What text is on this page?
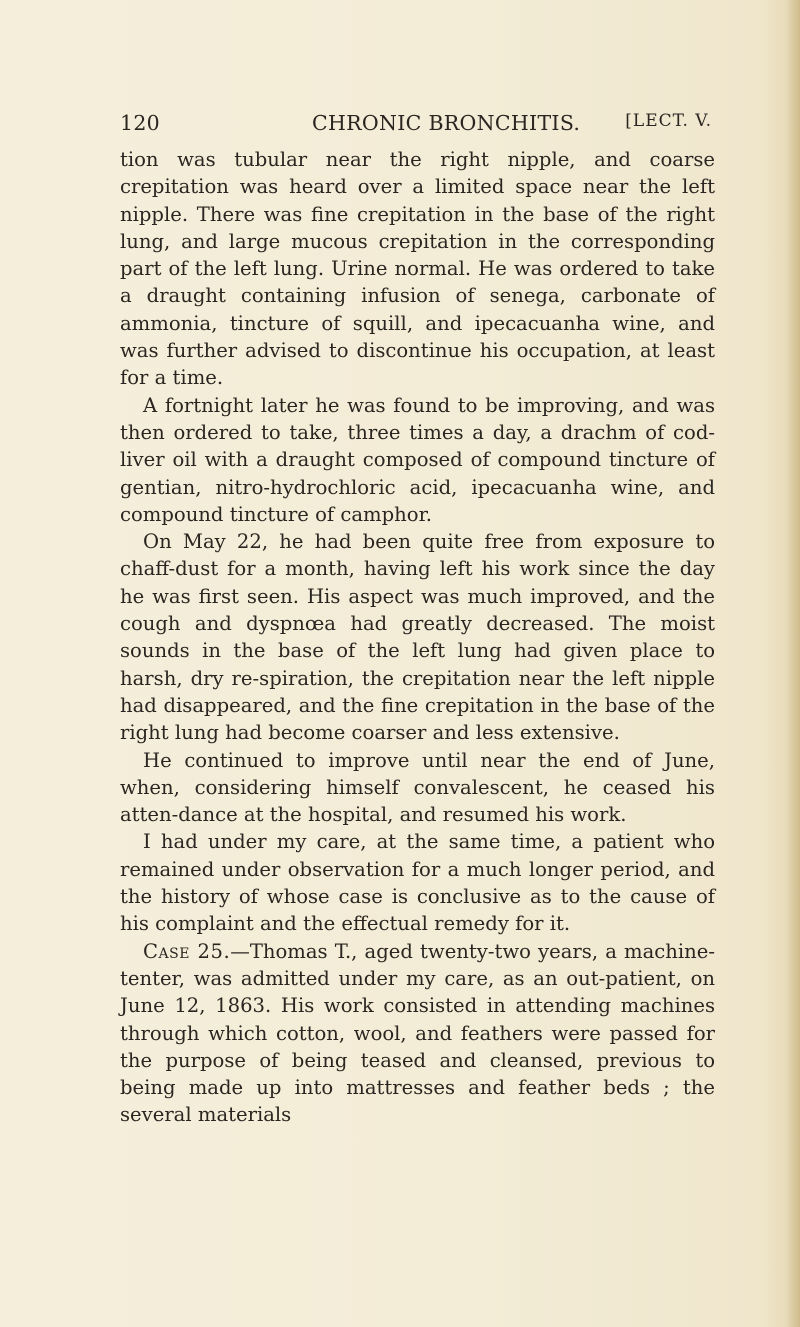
120	CHRONIC BRONCHITIS.	[LECT. V.

tion was tubular near the right nipple, and coarse crepitation was heard over a limited space near the left nipple. There was fine crepitation in the base of the right lung, and large mucous crepitation in the corresponding part of the left lung. Urine normal. He was ordered to take a draught containing infusion of senega, carbonate of ammonia, tincture of squill, and ipecacuanha wine, and was further advised to discontinue his occupation, at least for a time.

A fortnight later he was found to be improving, and was then ordered to take, three times a day, a drachm of cod-liver oil with a draught composed of compound tincture of gentian, nitro-hydrochloric acid, ipecacuanha wine, and compound tincture of camphor.

On May 22, he had been quite free from exposure to chaff-dust for a month, having left his work since the day he was first seen. His aspect was much improved, and the cough and dyspnœa had greatly decreased. The moist sounds in the base of the left lung had given place to harsh, dry re-spiration, the crepitation near the left nipple had disappeared, and the fine crepitation in the base of the right lung had become coarser and less extensive.

He continued to improve until near the end of June, when, considering himself convalescent, he ceased his atten-dance at the hospital, and resumed his work.

I had under my care, at the same time, a patient who remained under observation for a much longer period, and the history of whose case is conclusive as to the cause of his complaint and the effectual remedy for it.

Case 25.—Thomas T., aged twenty-two years, a machine-tenter, was admitted under my care, as an out-patient, on June 12, 1863. His work consisted in attending machines through which cotton, wool, and feathers were passed for the purpose of being teased and cleansed, previous to being made up into mattresses and feather beds ; the several materials
